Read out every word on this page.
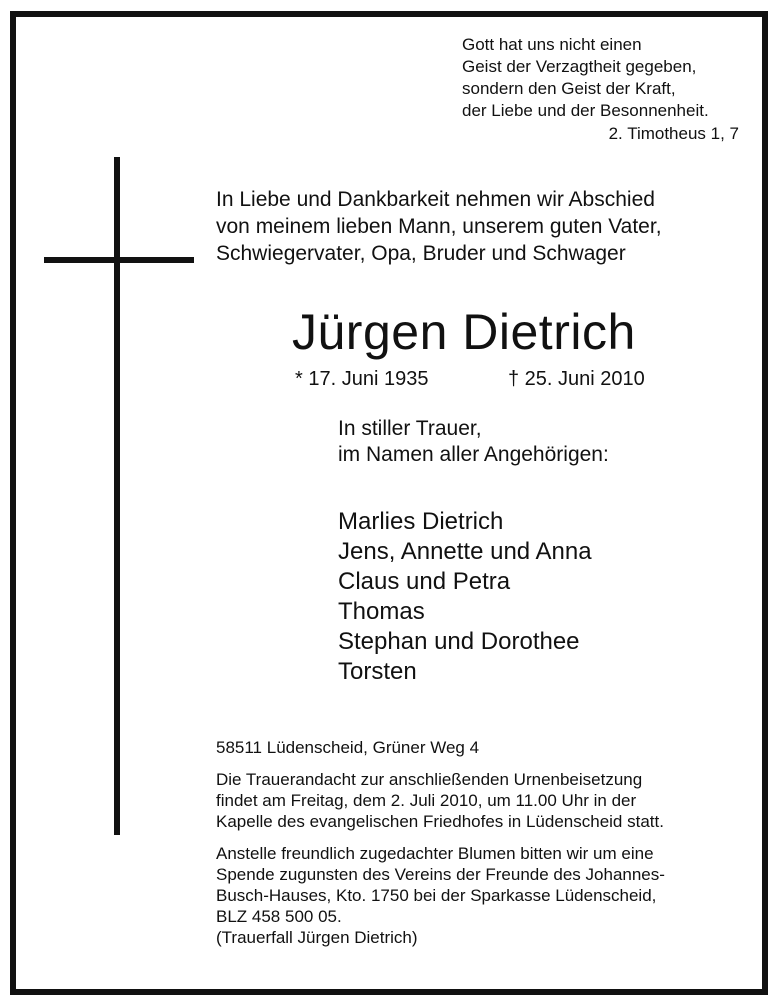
Gott hat uns nicht einen
Geist der Verzagtheit gegeben,
sondern den Geist der Kraft,
der Liebe und der Besonnenheit.
2. Timotheus 1, 7
In Liebe und Dankbarkeit nehmen wir Abschied
von meinem lieben Mann, unserem guten Vater,
Schwiegervater, Opa, Bruder und Schwager
Jürgen Dietrich
* 17. Juni 1935	† 25. Juni 2010
In stiller Trauer,
im Namen aller Angehörigen:
Marlies Dietrich
Jens, Annette und Anna
Claus und Petra
Thomas
Stephan und Dorothee
Torsten
58511 Lüdenscheid, Grüner Weg 4
Die Trauerandacht zur anschließenden Urnenbeisetzung
findet am Freitag, dem 2. Juli 2010, um 11.00 Uhr in der
Kapelle des evangelischen Friedhofes in Lüdenscheid statt.
Anstelle freundlich zugedachter Blumen bitten wir um eine
Spende zugunsten des Vereins der Freunde des Johannes-
Busch-Hauses, Kto. 1750 bei der Sparkasse Lüdenscheid,
BLZ 458 500 05.
(Trauerfall Jürgen Dietrich)
